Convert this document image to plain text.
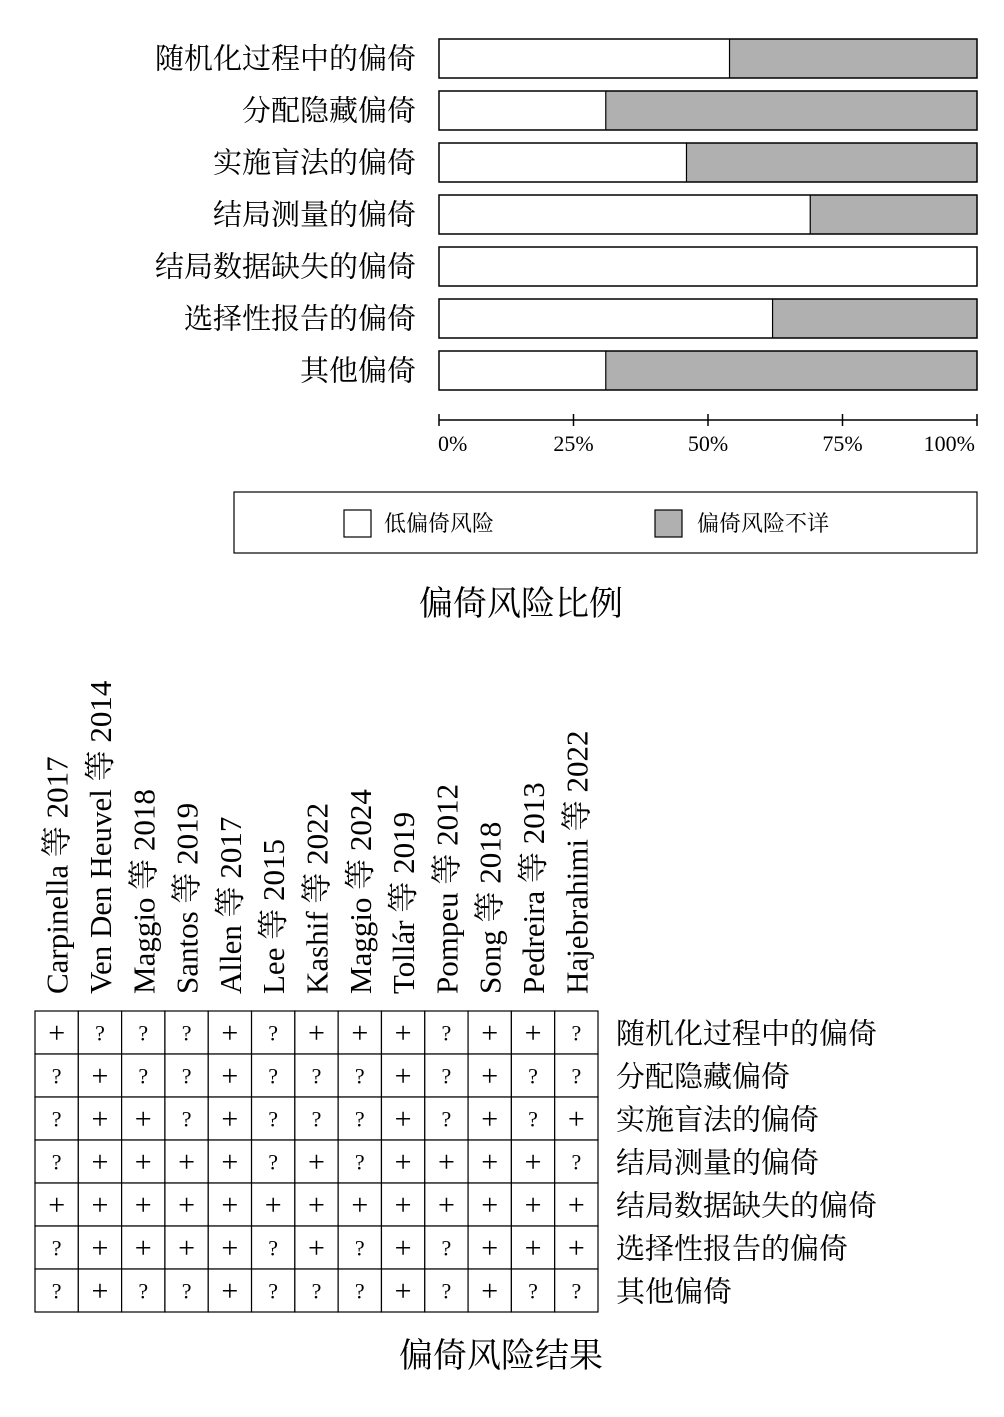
随机化过程中的偏倚
分配隐藏偏倚
实施盲法的偏倚
结局测量的偏倚
结局数据缺失的偏倚
选择性报告的偏倚
其他偏倚
0%	25%	50%	75%	100%
低偏倚风险	偏倚风险不详
偏倚风险比例
Carpinella 等 2017 Ven Den Heuvel 等 2014 Maggio 等 2018 Santos 等 2019 Allen 等 2017 Lee 等 2015 Kashif 等 2022 Maggio 等 2024 Tollár 等 2019 Pompeu 等 2012 Song 等 2018 Pedreira 等 2013 Hajebrahimi 等 2022
+ ? ? ? + ? + + + ? + + ?
? + ? ? + ? ? ? + ? + ? ?
? + + ? + ? ? ? + ? + ? +
? + + + + ? + ? + + + + ?
+ + + + + + + + + + + + +
? + + + + ? + ? + ? + + +
? + ? ? + ? ? ? + ? + ? ?
随机化过程中的偏倚
分配隐藏偏倚
实施盲法的偏倚
结局测量的偏倚
结局数据缺失的偏倚
选择性报告的偏倚
其他偏倚
偏倚风险结果
